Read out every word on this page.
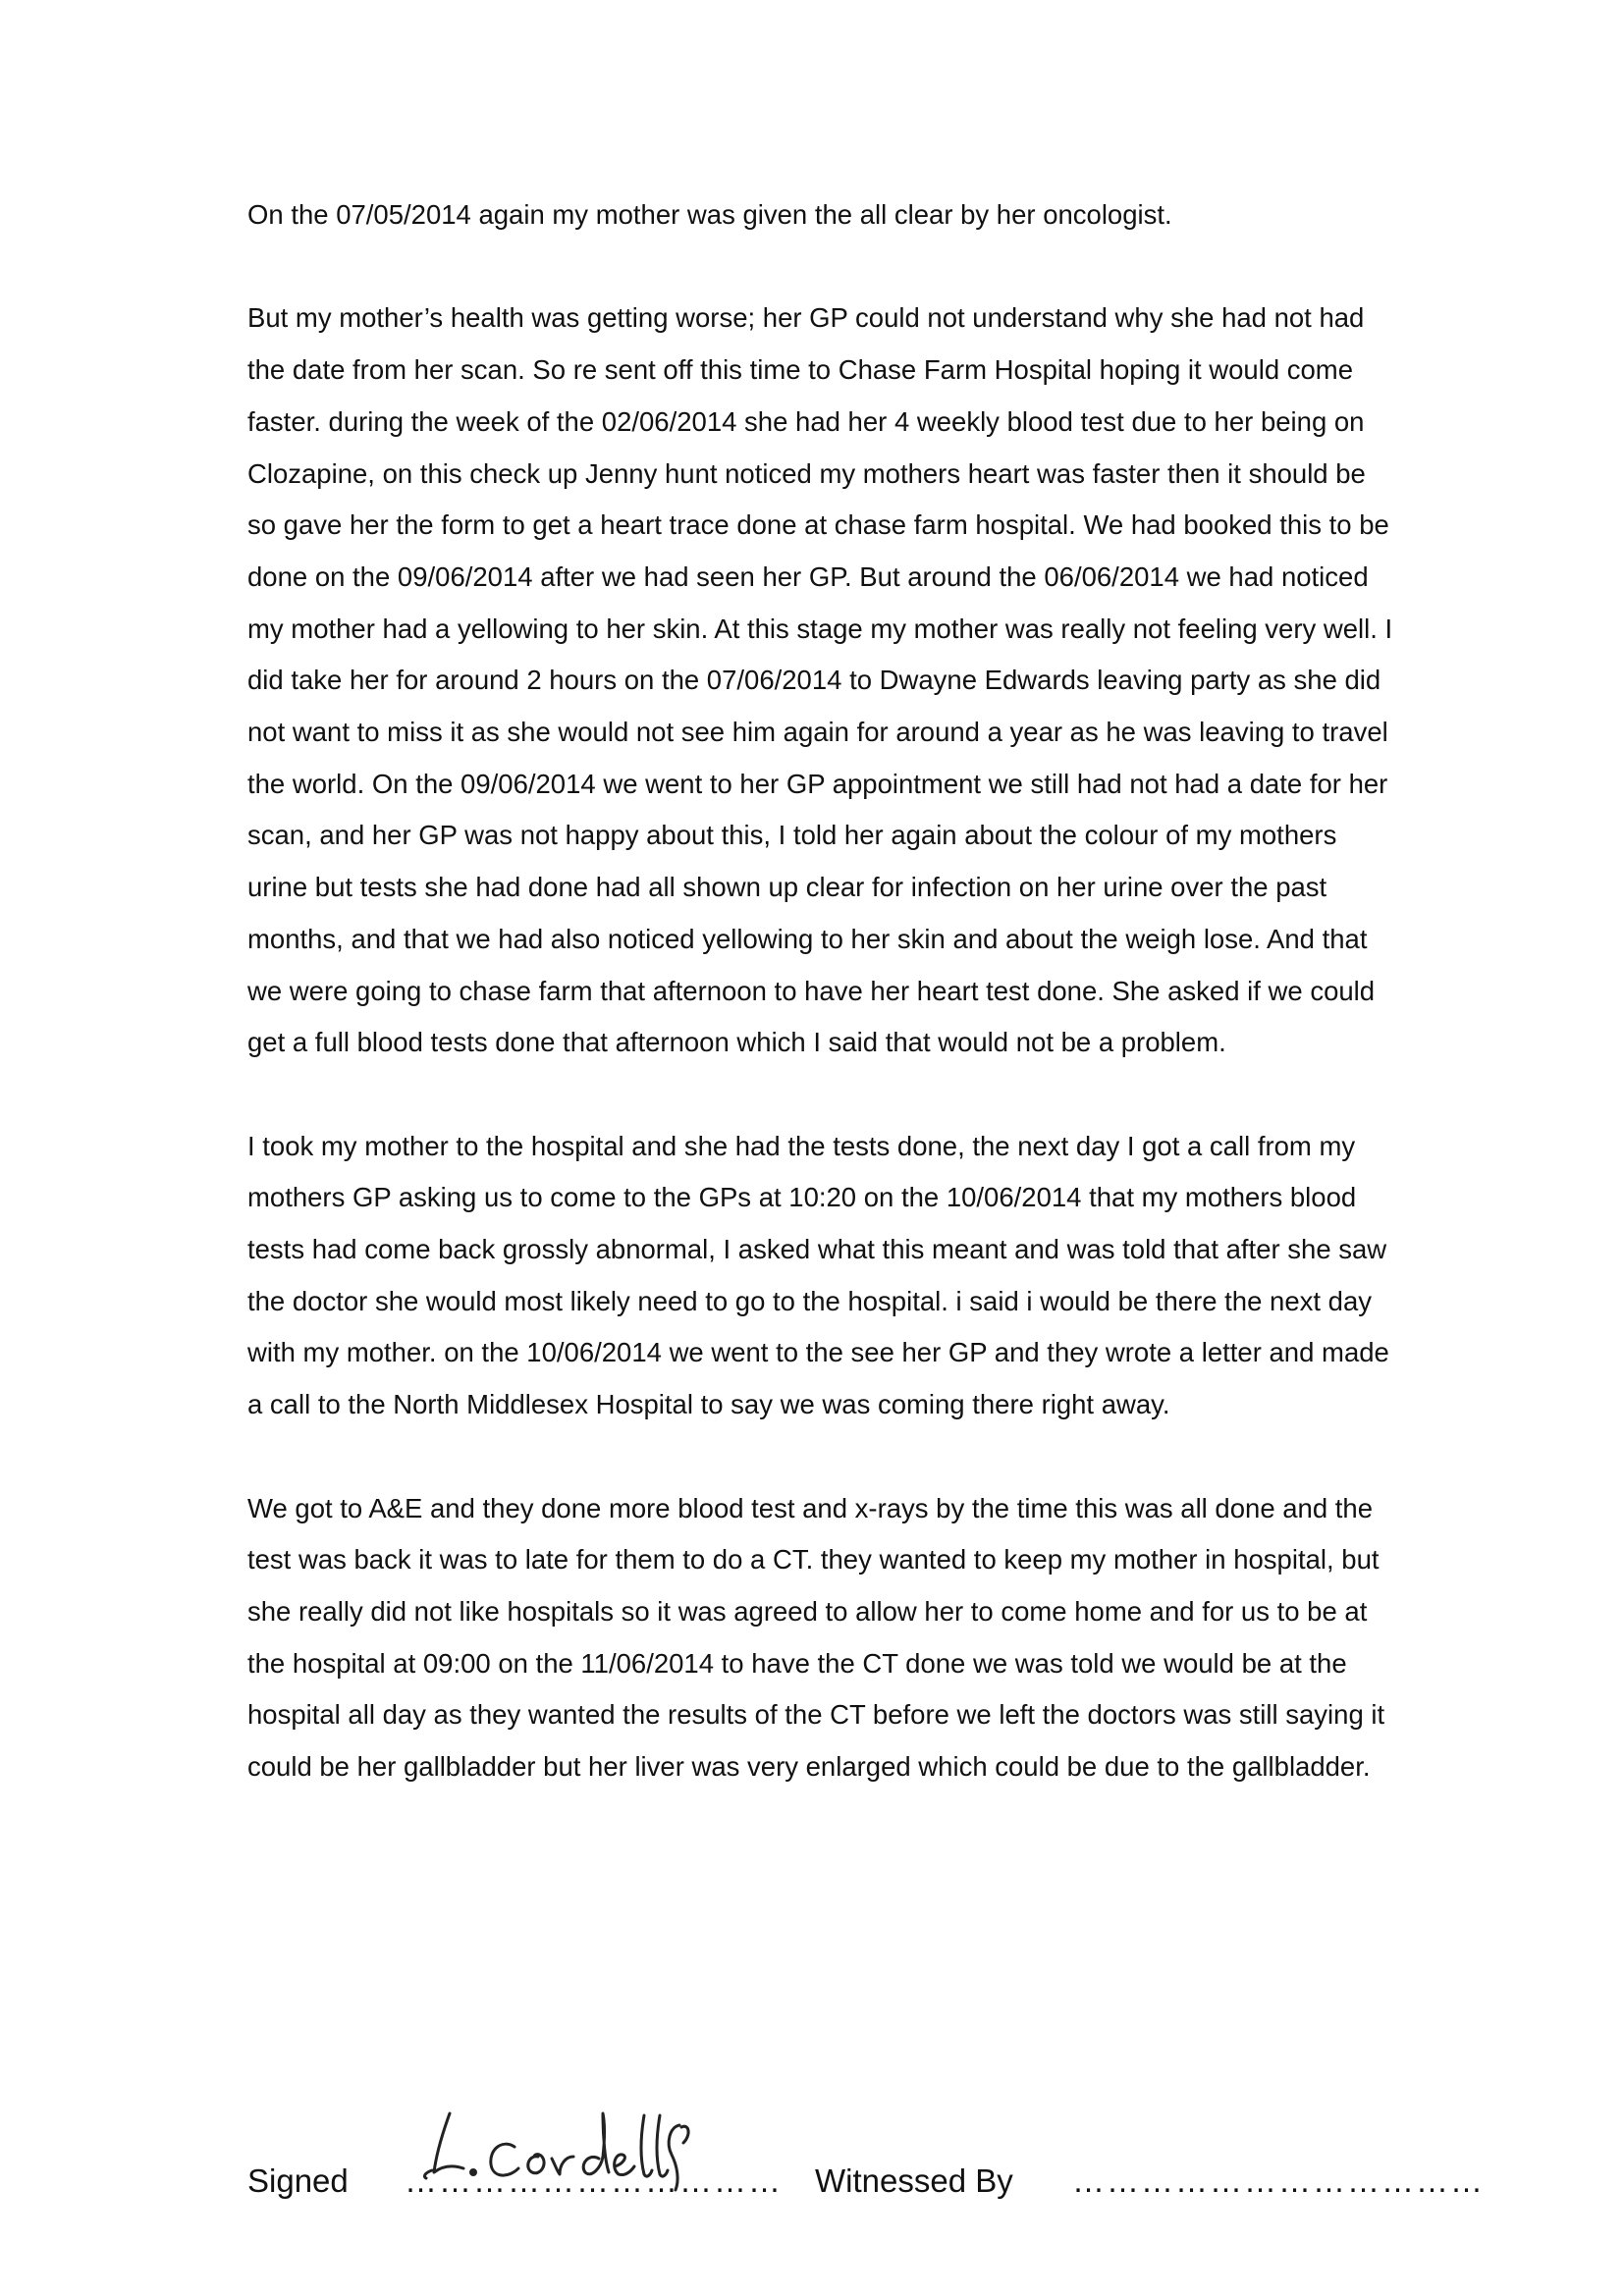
On the 07/05/2014 again my mother was given the all clear by her oncologist.

But my mother’s health was getting worse; her GP could not understand why she had not had the date from her scan. So re sent off this time to Chase Farm Hospital hoping it would come faster. during the week of the 02/06/2014 she had her 4 weekly blood test due to her being on Clozapine, on this check up Jenny hunt noticed my mothers heart was faster then it should be so gave her the form to get a heart trace done at chase farm hospital. We had booked this to be done on the 09/06/2014 after we had seen her GP. But around the 06/06/2014 we had noticed my mother had a yellowing to her skin. At this stage my mother was really not feeling very well. I did take her for around 2 hours on the 07/06/2014 to Dwayne Edwards leaving party as she did not want to miss it as she would not see him again for around a year as he was leaving to travel the world. On the 09/06/2014 we went to her GP appointment we still had not had a date for her scan, and her GP was not happy about this, I told her again about the colour of my mothers urine but tests she had done had all shown up clear for infection on her urine over the past months, and that we had also noticed yellowing to her skin and about the weigh lose. And that we were going to chase farm that afternoon to have her heart test done. She asked if we could get a full blood tests done that afternoon which I said that would not be a problem.

I took my mother to the hospital and she had the tests done, the next day I got a call from my mothers GP asking us to come to the GPs at 10:20 on the 10/06/2014 that my mothers blood tests had come back grossly abnormal, I asked what this meant and was told that after she saw the doctor she would most likely need to go to the hospital. i said i would be there the next day with my mother. on the 10/06/2014 we went to the see her GP and they wrote a letter and made a call to the North Middlesex Hospital to say we was coming there right away.

We got to A&E and they done more blood test and x-rays by the time this was all done and the test was back it was to late for them to do a CT. they wanted to keep my mother in hospital, but she really did not like hospitals so it was agreed to allow her to come home and for us to be at the hospital at 09:00 on the 11/06/2014 to have the CT done we was told we would be at the hospital all day as they wanted the results of the CT before we left the doctors was still saying it could be her gallbladder but her liver was very enlarged which could be due to the gallbladder.

Signed …………………………… Witnessed By ………………………………
